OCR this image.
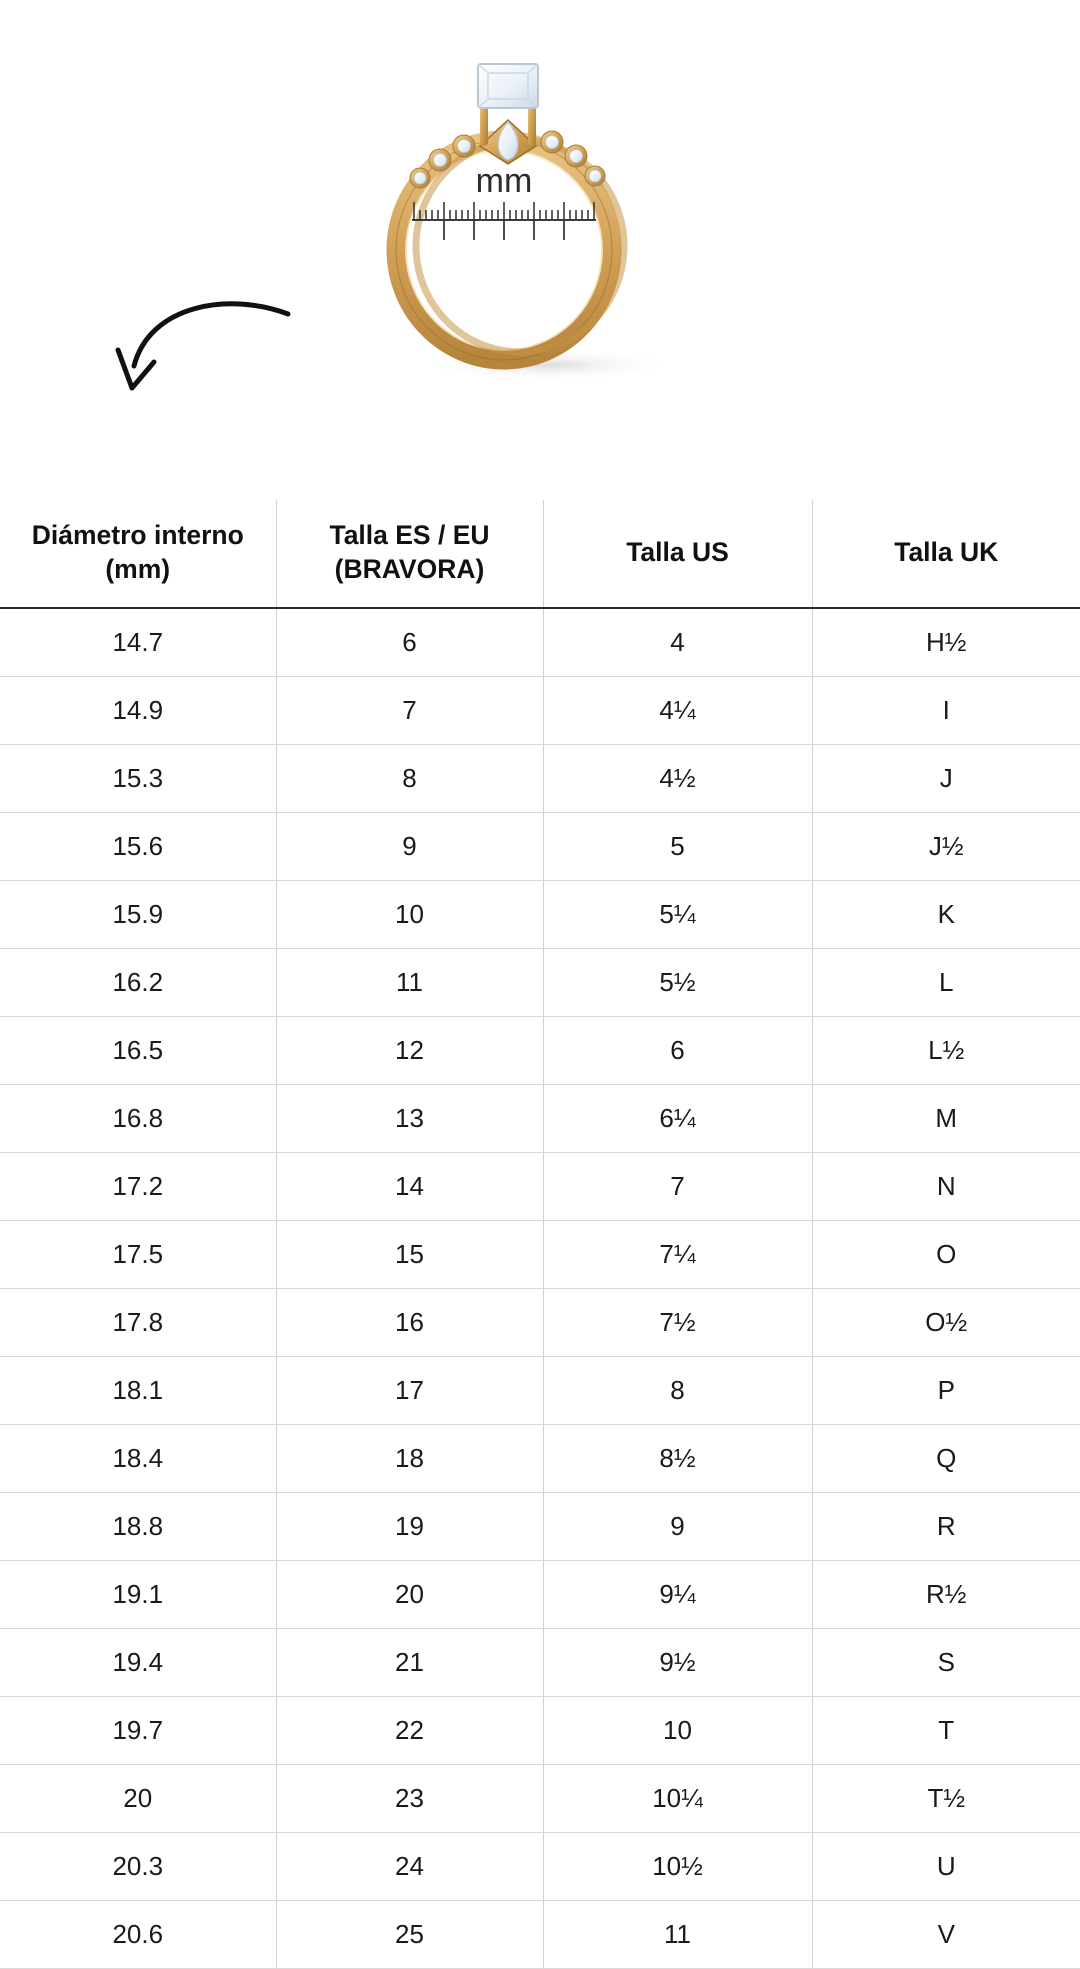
mm
Diámetro interno (mm)	Talla ES / EU (BRAVORA)	Talla US	Talla UK
14.7	6	4	H½
14.9	7	4¼	I
15.3	8	4½	J
15.6	9	5	J½
15.9	10	5¼	K
16.2	11	5½	L
16.5	12	6	L½
16.8	13	6¼	M
17.2	14	7	N
17.5	15	7¼	O
17.8	16	7½	O½
18.1	17	8	P
18.4	18	8½	Q
18.8	19	9	R
19.1	20	9¼	R½
19.4	21	9½	S
19.7	22	10	T
20	23	10¼	T½
20.3	24	10½	U
20.6	25	11	V
